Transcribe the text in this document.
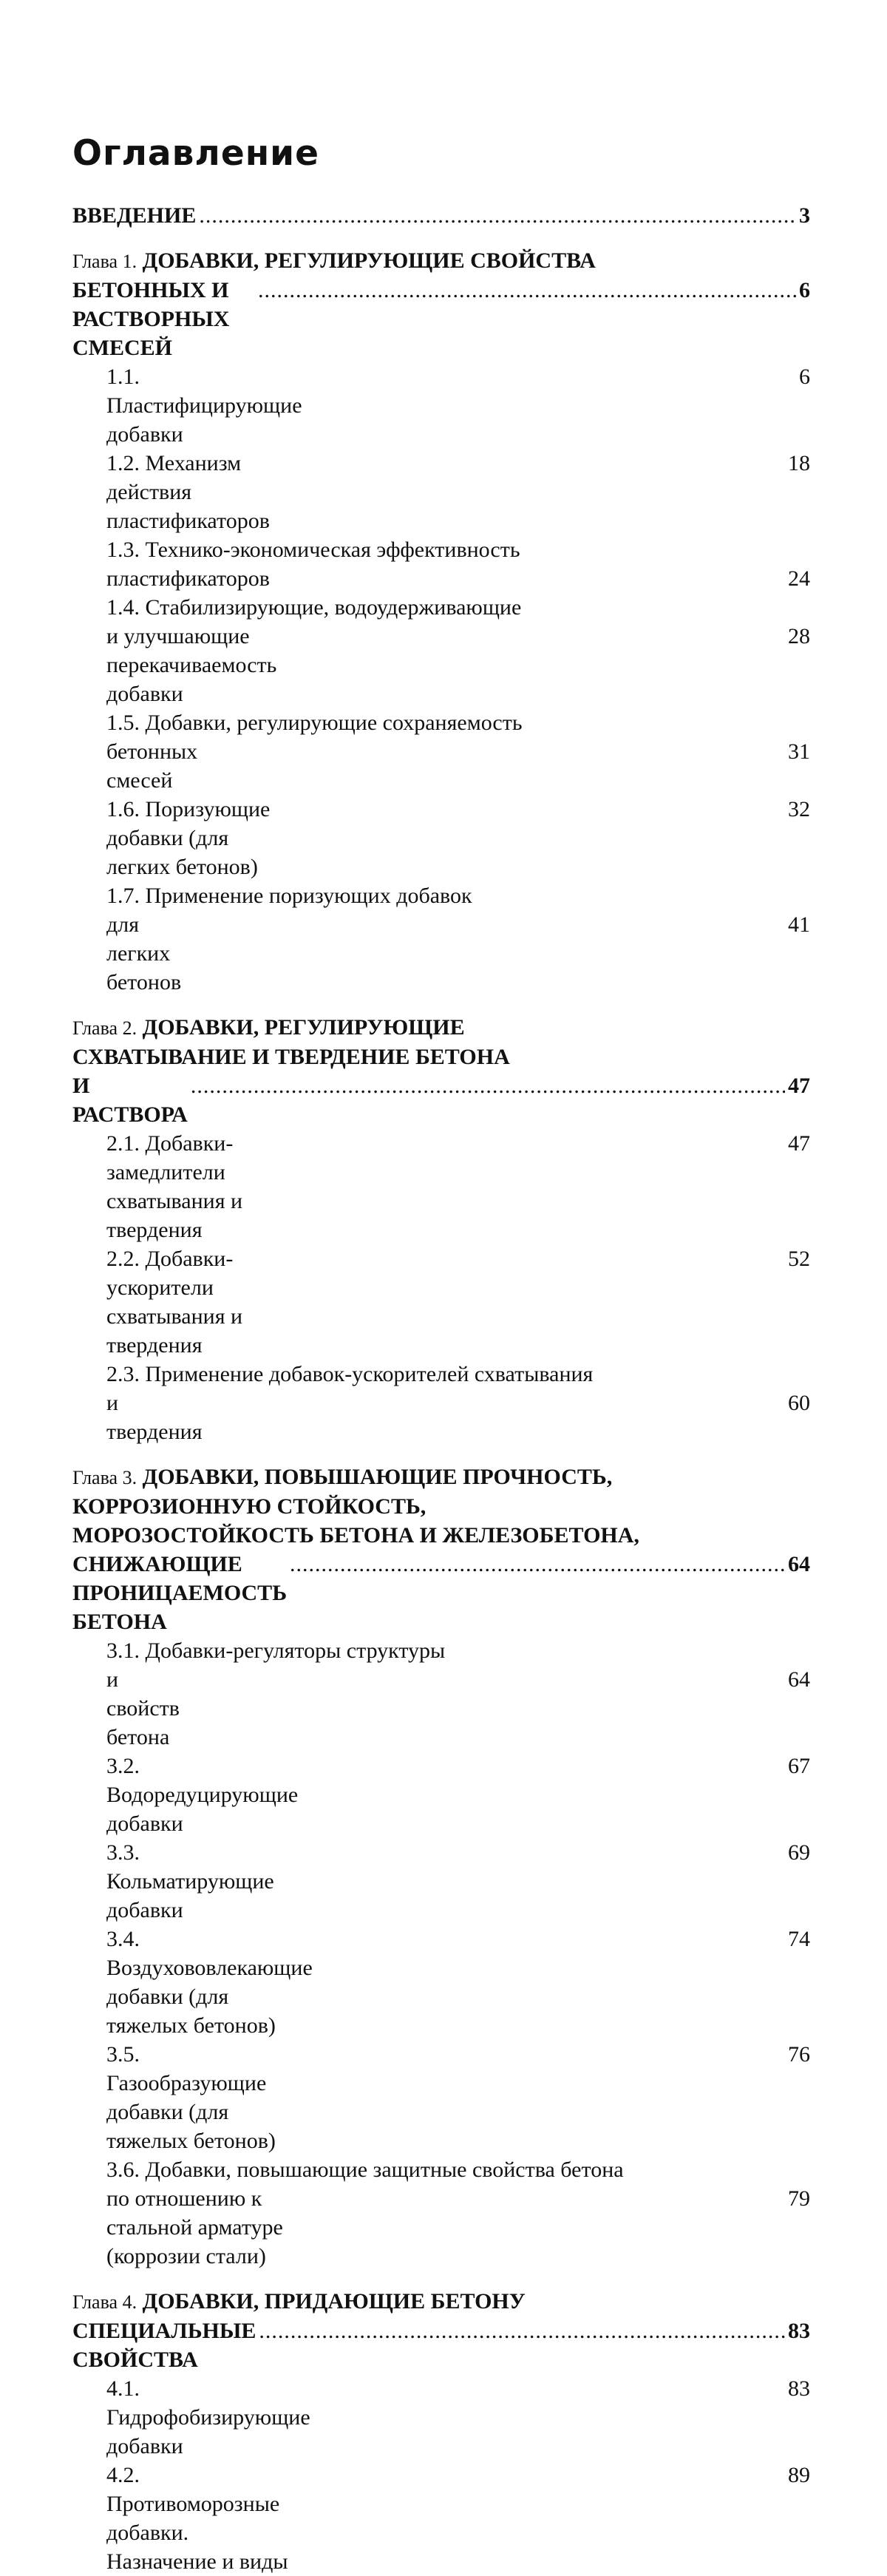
Оглавление
ВВЕДЕНИЕ
.....	3
Глава 1. ДОБАВКИ, РЕГУЛИРУЮЩИЕ СВОЙСТВА
БЕТОННЫХ И РАСТВОРНЫХ СМЕСЕЙ
.....
6
1.1. Пластифицирующие добавки
6
1.2. Механизм действия пластификаторов
18
1.3. Технико-экономическая эффективность
пластификаторов	24
1.4. Стабилизирующие, водоудерживающие
и улучшающие перекачиваемость добавки
28
1.5. Добавки, регулирующие сохраняемость
бетонных смесей
31
1.6. Поризующие добавки (для легких бетонов)
32
1.7. Применение поризующих добавок
для легких бетонов
41
Глава 2. ДОБАВКИ, РЕГУЛИРУЮЩИЕ
СХВАТЫВАНИЕ И ТВЕРДЕНИЕ БЕТОНА
И РАСТВОРА
.....
47
2.1. Добавки-замедлители схватывания и твердения
47
2.2. Добавки-ускорители схватывания и твердения
52
2.3. Применение добавок-ускорителей схватывания
и твердения
60
Глава 3. ДОБАВКИ, ПОВЫШАЮЩИЕ ПРОЧНОСТЬ,
КОРРОЗИОННУЮ СТОЙКОСТЬ,
МОРОЗОСТОЙКОСТЬ БЕТОНА И ЖЕЛЕЗОБЕТОНА,
СНИЖАЮЩИЕ ПРОНИЦАЕМОСТЬ БЕТОНА
.....
64
3.1. Добавки-регуляторы структуры
и свойств бетона
64
3.2. Водоредуцирующие добавки
67
3.3. Кольматирующие добавки
69
3.4. Воздухововлекающие добавки (для тяжелых бетонов)
74
3.5. Газообразующие добавки (для тяжелых бетонов)
76
3.6. Добавки, повышающие защитные свойства бетона
по отношению к стальной арматуре (коррозии стали)
79
Глава 4. ДОБАВКИ, ПРИДАЮЩИЕ БЕТОНУ
СПЕЦИАЛЬНЫЕ СВОЙСТВА
.....
83
4.1. Гидрофобизирующие добавки
83
4.2. Противоморозные добавки. Назначение и виды
89
